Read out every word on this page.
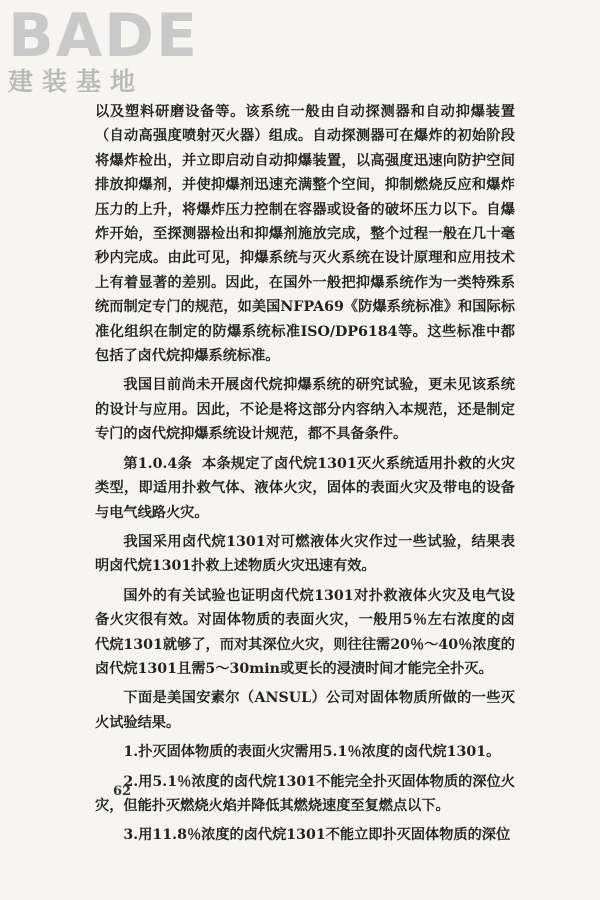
BADE
建装基地

以及塑料研磨设备等。该系统一般由自动探测器和自动抑爆装置（自动高强度喷射灭火器）组成。自动探测器可在爆炸的初始阶段将爆炸检出，并立即启动自动抑爆装置，以高强度迅速向防护空间排放抑爆剂，并使抑爆剂迅速充满整个空间，抑制燃烧反应和爆炸压力的上升，将爆炸压力控制在容器或设备的破坏压力以下。自爆炸开始，至探测器检出和抑爆剂施放完成，整个过程一般在几十毫秒内完成。由此可见，抑爆系统与灭火系统在设计原理和应用技术上有着显著的差别。因此，在国外一般把抑爆系统作为一类特殊系统而制定专门的规范，如美国NFPA69《防爆系统标准》和国际标准化组织在制定的防爆系统标准ISO/DP6184等。这些标准中都包括了卤代烷抑爆系统标准。

我国目前尚未开展卤代烷抑爆系统的研究试验，更未见该系统的设计与应用。因此，不论是将这部分内容纳入本规范，还是制定专门的卤代烷抑爆系统设计规范，都不具备条件。

第1.0.4条 本条规定了卤代烷1301灭火系统适用扑救的火灾类型，即适用扑救气体、液体火灾，固体的表面火灾及带电的设备与电气线路火灾。

我国采用卤代烷1301对可燃液体火灾作过一些试验，结果表明卤代烷1301扑救上述物质火灾迅速有效。

国外的有关试验也证明卤代烷1301对扑救液体火灾及电气设备火灾很有效。对固体物质的表面火灾，一般用5％左右浓度的卤代烷1301就够了，而对其深位火灾，则往往需20％～40％浓度的卤代烷1301且需5～30min或更长的浸渍时间才能完全扑灭。

下面是美国安素尔（ANSUL）公司对固体物质所做的一些灭火试验结果。

1.扑灭固体物质的表面火灾需用5.1％浓度的卤代烷1301。

2.用5.1％浓度的卤代烷1301不能完全扑灭固体物质的深位火灾，但能扑灭燃烧火焰并降低其燃烧速度至复燃点以下。

3.用11.8％浓度的卤代烷1301不能立即扑灭固体物质的深位

62
